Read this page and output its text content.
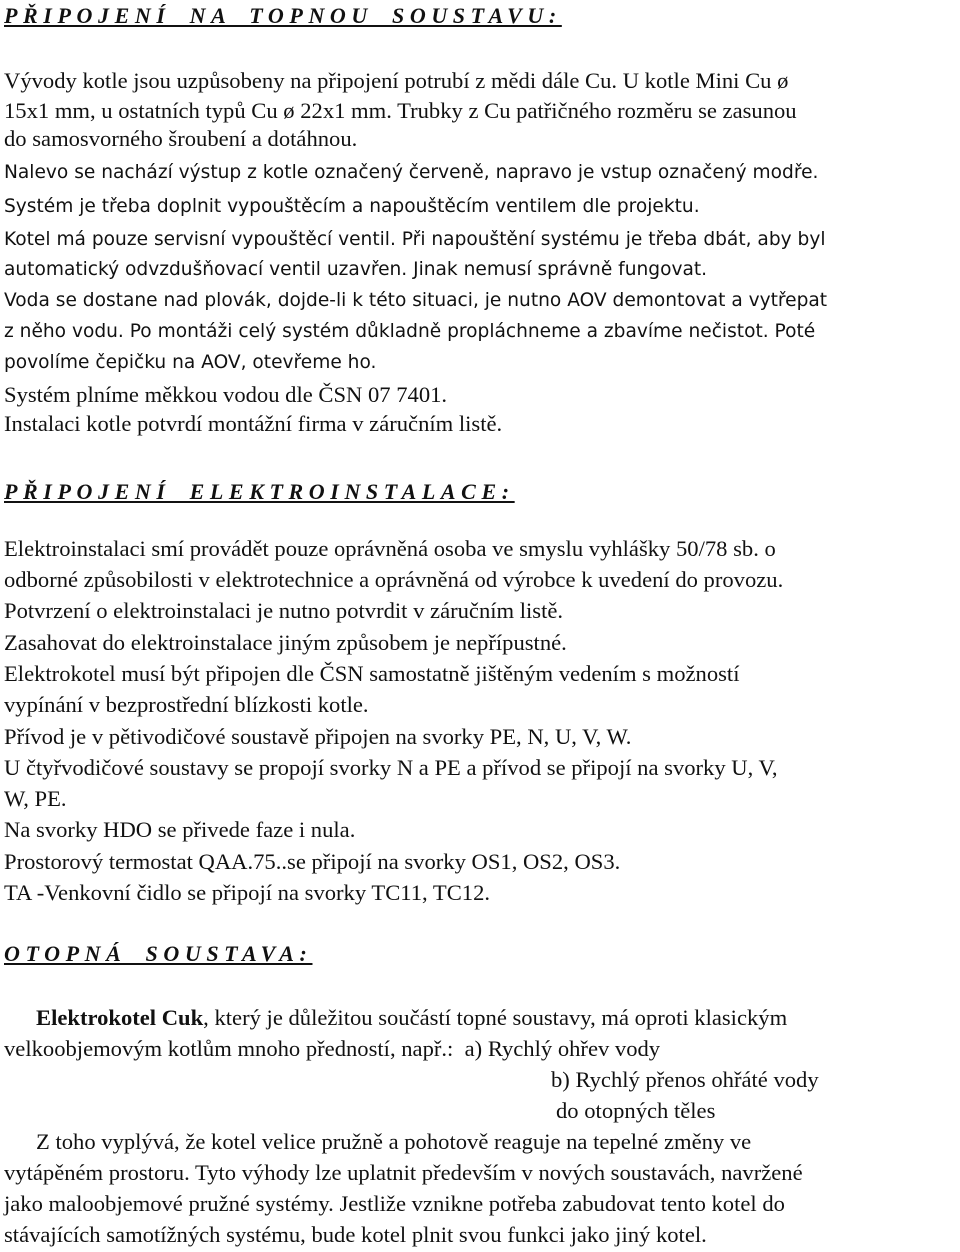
PŘIPOJENÍ NA TOPNOU SOUSTAVU:
Vývody kotle jsou uzpůsobeny na připojení potrubí z mědi dále Cu. U kotle Mini Cu ø
15x1 mm, u ostatních typů Cu ø 22x1 mm. Trubky z Cu patřičného rozměru se zasunou
do samosvorného šroubení a dotáhnou.
Nalevo se nachází výstup z kotle označený červeně, napravo je vstup označený modře.
Systém je třeba doplnit vypouštěcím a napouštěcím ventilem dle projektu.
Kotel má pouze servisní vypouštěcí ventil. Při napouštění systému je třeba dbát, aby byl
automatický odvzdušňovací ventil uzavřen. Jinak nemusí správně fungovat.
Voda se dostane nad plovák, dojde-li k této situaci, je nutno AOV demontovat a vytřepat
z něho vodu. Po montáži celý systém důkladně propláchneme a zbavíme nečistot. Poté
povolíme čepičku na AOV, otevřeme ho.
Systém plníme měkkou vodou dle ČSN 07 7401.
Instalaci kotle potvrdí montážní firma v záručním listě.
PŘIPOJENÍ ELEKTROINSTALACE:
Elektroinstalaci smí provádět pouze oprávněná osoba ve smyslu vyhlášky 50/78 sb. o
odborné způsobilosti v elektrotechnice a oprávněná od výrobce k uvedení do provozu.
Potvrzení o elektroinstalaci je nutno potvrdit v záručním listě.
Zasahovat do elektroinstalace jiným způsobem je nepřípustné.
Elektrokotel musí být připojen dle ČSN samostatně jištěným vedením s možností
vypínání v bezprostřední blízkosti kotle.
Přívod je v pětivodičové soustavě připojen na svorky PE, N, U, V, W.
U čtyřvodičové soustavy se propojí svorky N a PE a přívod se připojí na svorky U, V,
W, PE.
Na svorky HDO se přivede faze i nula.
Prostorový termostat QAA.75..se připojí na svorky OS1, OS2, OS3.
TA -Venkovní čidlo se připojí na svorky TC11, TC12.
OTOPNÁ SOUSTAVA:
Elektrokotel Cuk, který je důležitou součástí topné soustavy, má oproti klasickým
velkoobjemovým kotlům mnoho předností, např.:  a) Rychlý ohřev vody
b) Rychlý přenos ohřáté vody
do otopných těles
Z toho vyplývá, že kotel velice pružně a pohotově reaguje na tepelné změny ve
vytápěném prostoru. Tyto výhody lze uplatnit především v nových soustavách, navržené
jako maloobjemové pružné systémy. Jestliže vznikne potřeba zabudovat tento kotel do
stávajících samotížných systému, bude kotel plnit svou funkci jako jiný kotel.
